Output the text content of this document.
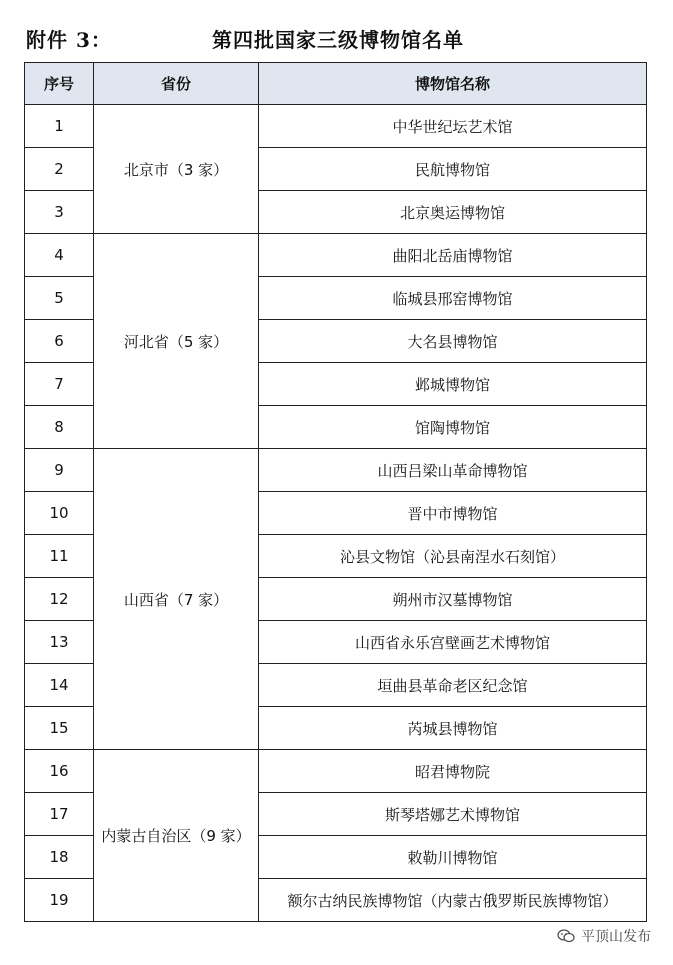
附件 3：	第四批国家三级博物馆名单
序号	省份	博物馆名称
1	北京市（3 家）	中华世纪坛艺术馆
2		民航博物馆
3		北京奥运博物馆
4	河北省（5 家）	曲阳北岳庙博物馆
5		临城县邢窑博物馆
6		大名县博物馆
7		邺城博物馆
8		馆陶博物馆
9	山西省（7 家）	山西吕梁山革命博物馆
10		晋中市博物馆
11		沁县文物馆（沁县南涅水石刻馆）
12		朔州市汉墓博物馆
13		山西省永乐宫壁画艺术博物馆
14		垣曲县革命老区纪念馆
15		芮城县博物馆
16	内蒙古自治区（9 家）	昭君博物院
17		斯琴塔娜艺术博物馆
18		敕勒川博物馆
19		额尔古纳民族博物馆（内蒙古俄罗斯民族博物馆）
平顶山发布
